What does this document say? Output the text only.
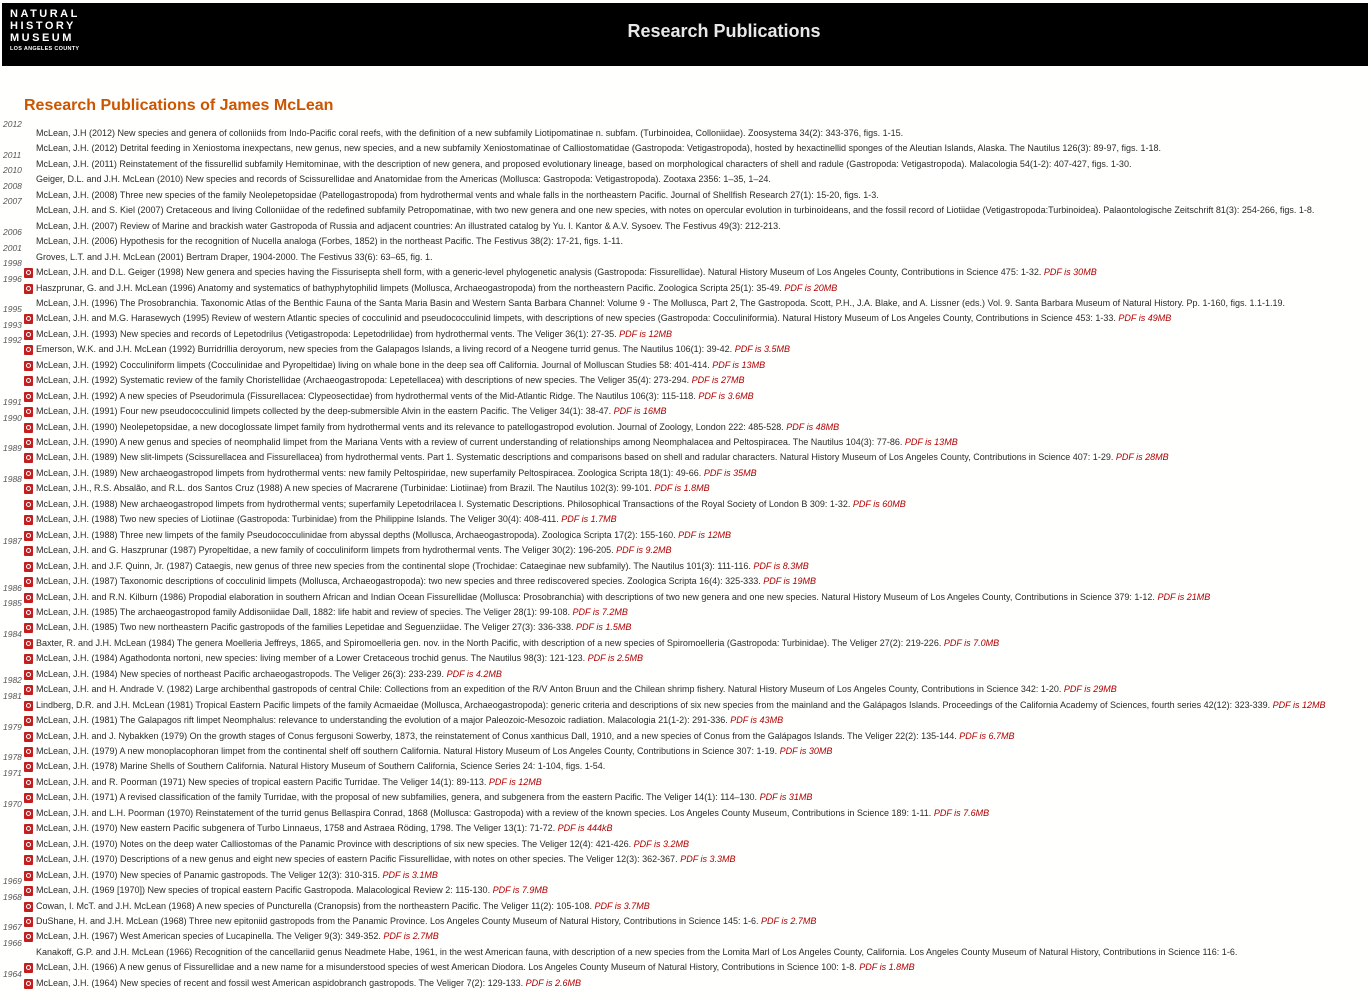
NATURAL
HISTORY
MUSEUM
LOS ANGELES COUNTY
Research Publications
Research Publications of James McLean
2012
McLean, J.H (2012) New species and genera of colloniids from Indo-Pacific coral reefs, with the definition of a new subfamily Liotipomatinae n. subfam. (Turbinoidea, Colloniidae). Zoosystema 34(2): 343-376, figs. 1-15.
McLean, J.H. (2012) Detrital feeding in Xeniostoma inexpectans, new genus, new species, and a new subfamily Xeniostomatinae of Calliostomatidae (Gastropoda: Vetigastropoda), hosted by hexactinellid sponges of the Aleutian Islands, Alaska. The Nautilus 126(3): 89-97, figs. 1-18.
2011
McLean, J.H. (2011) Reinstatement of the fissurellid subfamily Hemitominae, with the description of new genera, and proposed evolutionary lineage, based on morphological characters of shell and radule (Gastropoda: Vetigastropoda). Malacologia 54(1-2): 407-427, figs. 1-30.
2010
Geiger, D.L. and J.H. McLean (2010) New species and records of Scissurellidae and Anatomidae from the Americas (Mollusca: Gastropoda: Vetigastropoda). Zootaxa 2356: 1–35, 1–24.
2008
McLean, J.H. (2008) Three new species of the family Neolepetopsidae (Patellogastropoda) from hydrothermal vents and whale falls in the northeastern Pacific. Journal of Shellfish Research 27(1): 15-20, figs. 1-3.
2007
McLean, J.H. and S. Kiel (2007) Cretaceous and living Colloniidae of the redefined subfamily Petropomatinae, with two new genera and one new species, with notes on opercular evolution in turbinoideans, and the fossil record of Liotiidae (Vetigastropoda:Turbinoidea). Palaontologische Zeitschrift 81(3): 254-266, figs. 1-8.
McLean, J.H. (2007) Review of Marine and brackish water Gastropoda of Russia and adjacent countries: An illustrated catalog by Yu. I. Kantor & A.V. Sysoev. The Festivus 49(3): 212-213.
2006
McLean, J.H. (2006) Hypothesis for the recognition of Nucella analoga (Forbes, 1852) in the northeast Pacific. The Festivus 38(2): 17-21, figs. 1-11.
2001
Groves, L.T. and J.H. McLean (2001) Bertram Draper, 1904-2000. The Festivus 33(6): 63–65, fig. 1.
1998
McLean, J.H. and D.L. Geiger (1998) New genera and species having the Fissurisepta shell form, with a generic-level phylogenetic analysis (Gastropoda: Fissurellidae). Natural History Museum of Los Angeles County, Contributions in Science 475: 1-32. PDF is 30MB
1996
Haszprunar, G. and J.H. McLean (1996) Anatomy and systematics of bathyphytophilid limpets (Mollusca, Archaeogastropoda) from the northeastern Pacific. Zoologica Scripta 25(1): 35-49. PDF is 20MB
McLean, J.H. (1996) The Prosobranchia. Taxonomic Atlas of the Benthic Fauna of the Santa Maria Basin and Western Santa Barbara Channel: Volume 9 - The Mollusca, Part 2, The Gastropoda. Scott, P.H., J.A. Blake, and A. Lissner (eds.) Vol. 9. Santa Barbara Museum of Natural History. Pp. 1-160, figs. 1.1-1.19.
1995
McLean, J.H. and M.G. Harasewych (1995) Review of western Atlantic species of cocculinid and pseudococculinid limpets, with descriptions of new species (Gastropoda: Cocculiniformia). Natural History Museum of Los Angeles County, Contributions in Science 453: 1-33. PDF is 49MB
1993
McLean, J.H. (1993) New species and records of Lepetodrilus (Vetigastropoda: Lepetodrilidae) from hydrothermal vents. The Veliger 36(1): 27-35. PDF is 12MB
1992
Emerson, W.K. and J.H. McLean (1992) Burridrillia deroyorum, new species from the Galapagos Islands, a living record of a Neogene turrid genus. The Nautilus 106(1): 39-42. PDF is 3.5MB
McLean, J.H. (1992) Cocculiniform limpets (Cocculinidae and Pyropeltidae) living on whale bone in the deep sea off California. Journal of Molluscan Studies 58: 401-414. PDF is 13MB
McLean, J.H. (1992) Systematic review of the family Choristellidae (Archaeogastropoda: Lepetellacea) with descriptions of new species. The Veliger 35(4): 273-294. PDF is 27MB
McLean, J.H. (1992) A new species of Pseudorimula (Fissurellacea: Clypeosectidae) from hydrothermal vents of the Mid-Atlantic Ridge. The Nautilus 106(3): 115-118. PDF is 3.6MB
1991
McLean, J.H. (1991) Four new pseudococculinid limpets collected by the deep-submersible Alvin in the eastern Pacific. The Veliger 34(1): 38-47. PDF is 16MB
1990
McLean, J.H. (1990) Neolepetopsidae, a new docoglossate limpet family from hydrothermal vents and its relevance to patellogastropod evolution. Journal of Zoology, London 222: 485-528. PDF is 48MB
McLean, J.H. (1990) A new genus and species of neomphalid limpet from the Mariana Vents with a review of current understanding of relationships among Neomphalacea and Peltospiracea. The Nautilus 104(3): 77-86. PDF is 13MB
1989
McLean, J.H. (1989) New slit-limpets (Scissurellacea and Fissurellacea) from hydrothermal vents. Part 1. Systematic descriptions and comparisons based on shell and radular characters. Natural History Museum of Los Angeles County, Contributions in Science 407: 1-29. PDF is 28MB
McLean, J.H. (1989) New archaeogastropod limpets from hydrothermal vents: new family Peltospiridae, new superfamily Peltospiracea. Zoologica Scripta 18(1): 49-66. PDF is 35MB
1988
McLean, J.H., R.S. Absalão, and R.L. dos Santos Cruz (1988) A new species of Macrarene (Turbinidae: Liotiinae) from Brazil. The Nautilus 102(3): 99-101. PDF is 1.8MB
McLean, J.H. (1988) New archaeogastropod limpets from hydrothermal vents; superfamily Lepetodrilacea I. Systematic Descriptions. Philosophical Transactions of the Royal Society of London B 309: 1-32. PDF is 60MB
McLean, J.H. (1988) Two new species of Liotiinae (Gastropoda: Turbinidae) from the Philippine Islands. The Veliger 30(4): 408-411. PDF is 1.7MB
McLean, J.H. (1988) Three new limpets of the family Pseudococculinidae from abyssal depths (Mollusca, Archaeogastropoda). Zoologica Scripta 17(2): 155-160. PDF is 12MB
1987
McLean, J.H. and G. Haszprunar (1987) Pyropeltidae, a new family of cocculiniform limpets from hydrothermal vents. The Veliger 30(2): 196-205. PDF is 9.2MB
McLean, J.H. and J.F. Quinn, Jr. (1987) Cataegis, new genus of three new species from the continental slope (Trochidae: Cataeginae new subfamily). The Nautilus 101(3): 111-116. PDF is 8.3MB
McLean, J.H. (1987) Taxonomic descriptions of cocculinid limpets (Mollusca, Archaeogastropoda): two new species and three rediscovered species. Zoologica Scripta 16(4): 325-333. PDF is 19MB
1986
McLean, J.H. and R.N. Kilburn (1986) Propodial elaboration in southern African and Indian Ocean Fissurellidae (Mollusca: Prosobranchia) with descriptions of two new genera and one new species. Natural History Museum of Los Angeles County, Contributions in Science 379: 1-12. PDF is 21MB
1985
McLean, J.H. (1985) The archaeogastropod family Addisoniidae Dall, 1882: life habit and review of species. The Veliger 28(1): 99-108. PDF is 7.2MB
McLean, J.H. (1985) Two new northeastern Pacific gastropods of the families Lepetidae and Seguenziidae. The Veliger 27(3): 336-338. PDF is 1.5MB
1984
Baxter, R. and J.H. McLean (1984) The genera Moelleria Jeffreys, 1865, and Spiromoelleria gen. nov. in the North Pacific, with description of a new species of Spiromoelleria (Gastropoda: Turbinidae). The Veliger 27(2): 219-226. PDF is 7.0MB
McLean, J.H. (1984) Agathodonta nortoni, new species: living member of a Lower Cretaceous trochid genus. The Nautilus 98(3): 121-123. PDF is 2.5MB
McLean, J.H. (1984) New species of northeast Pacific archaeogastropods. The Veliger 26(3): 233-239. PDF is 4.2MB
1982
McLean, J.H. and H. Andrade V. (1982) Large archibenthal gastropods of central Chile: Collections from an expedition of the R/V Anton Bruun and the Chilean shrimp fishery. Natural History Museum of Los Angeles County, Contributions in Science 342: 1-20. PDF is 29MB
1981
Lindberg, D.R. and J.H. McLean (1981) Tropical Eastern Pacific limpets of the family Acmaeidae (Mollusca, Archaeogastropoda): generic criteria and descriptions of six new species from the mainland and the Galápagos Islands. Proceedings of the California Academy of Sciences, fourth series 42(12): 323-339. PDF is 12MB
McLean, J.H. (1981) The Galapagos rift limpet Neomphalus: relevance to understanding the evolution of a major Paleozoic-Mesozoic radiation. Malacologia 21(1-2): 291-336. PDF is 43MB
1979
McLean, J.H. and J. Nybakken (1979) On the growth stages of Conus fergusoni Sowerby, 1873, the reinstatement of Conus xanthicus Dall, 1910, and a new species of Conus from the Galápagos Islands. The Veliger 22(2): 135-144. PDF is 6.7MB
McLean, J.H. (1979) A new monoplacophoran limpet from the continental shelf off southern California. Natural History Museum of Los Angeles County, Contributions in Science 307: 1-19. PDF is 30MB
1978
McLean, J.H. (1978) Marine Shells of Southern California. Natural History Museum of Southern California, Science Series 24: 1-104, figs. 1-54.
1971
McLean, J.H. and R. Poorman (1971) New species of tropical eastern Pacific Turridae. The Veliger 14(1): 89-113. PDF is 12MB
McLean, J.H. (1971) A revised classification of the family Turridae, with the proposal of new subfamilies, genera, and subgenera from the eastern Pacific. The Veliger 14(1): 114–130. PDF is 31MB
1970
McLean, J.H. and L.H. Poorman (1970) Reinstatement of the turrid genus Bellaspira Conrad, 1868 (Mollusca: Gastropoda) with a review of the known species. Los Angeles County Museum, Contributions in Science 189: 1-11. PDF is 7.6MB
McLean, J.H. (1970) New eastern Pacific subgenera of Turbo Linnaeus, 1758 and Astraea Röding, 1798. The Veliger 13(1): 71-72. PDF is 444kB
McLean, J.H. (1970) Notes on the deep water Calliostomas of the Panamic Province with descriptions of six new species. The Veliger 12(4): 421-426. PDF is 3.2MB
McLean, J.H. (1970) Descriptions of a new genus and eight new species of eastern Pacific Fissurellidae, with notes on other species. The Veliger 12(3): 362-367. PDF is 3.3MB
McLean, J.H. (1970) New species of Panamic gastropods. The Veliger 12(3): 310-315. PDF is 3.1MB
1969
McLean, J.H. (1969 [1970]) New species of tropical eastern Pacific Gastropoda. Malacological Review 2: 115-130. PDF is 7.9MB
1968
Cowan, I. McT. and J.H. McLean (1968) A new species of Puncturella (Cranopsis) from the northeastern Pacific. The Veliger 11(2): 105-108. PDF is 3.7MB
DuShane, H. and J.H. McLean (1968) Three new epitoniid gastropods from the Panamic Province. Los Angeles County Museum of Natural History, Contributions in Science 145: 1-6. PDF is 2.7MB
1967
McLean, J.H. (1967) West American species of Lucapinella. The Veliger 9(3): 349-352. PDF is 2.7MB
1966
Kanakoff, G.P. and J.H. McLean (1966) Recognition of the cancellariid genus Neadmete Habe, 1961, in the west American fauna, with description of a new species from the Lomita Marl of Los Angeles County, California. Los Angeles County Museum of Natural History, Contributions in Science 116: 1-6.
McLean, J.H. (1966) A new genus of Fissurellidae and a new name for a misunderstood species of west American Diodora. Los Angeles County Museum of Natural History, Contributions in Science 100: 1-8. PDF is 1.8MB
1964
McLean, J.H. (1964) New species of recent and fossil west American aspidobranch gastropods. The Veliger 7(2): 129-133. PDF is 2.6MB
